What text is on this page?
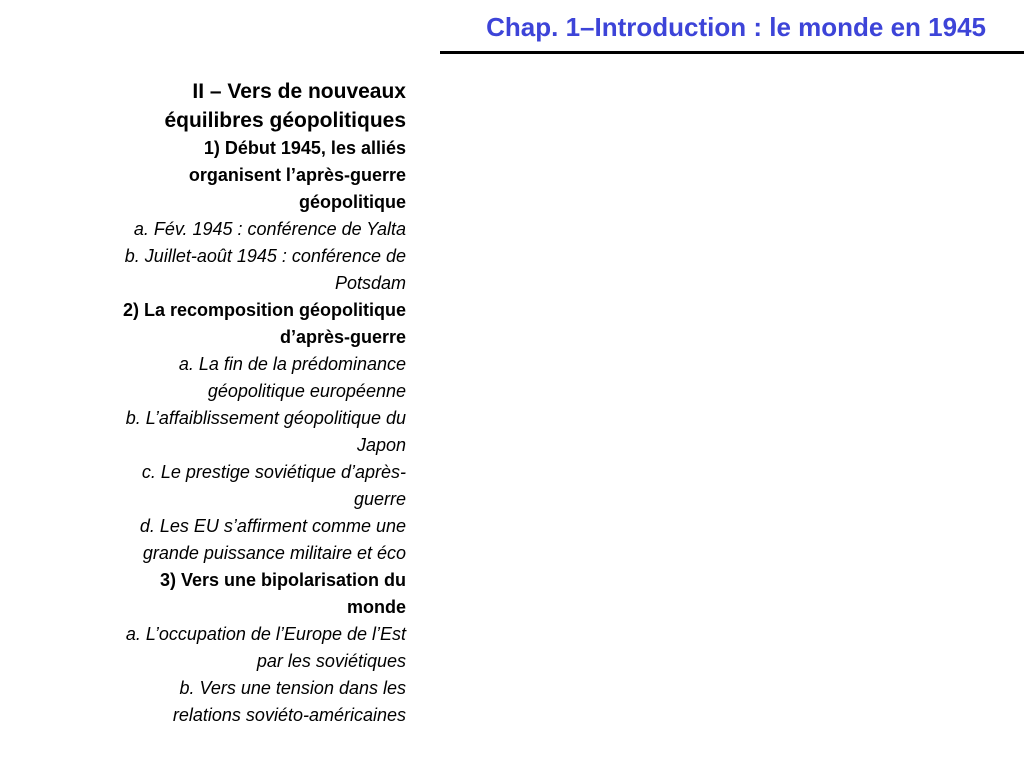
Chap. 1–Introduction : le monde en 1945
II – Vers de nouveaux
équilibres géopolitiques
1) Début 1945, les alliés
organisent l’après-guerre
géopolitique
a. Fév. 1945 : conférence de Yalta
b. Juillet-août 1945 : conférence de
Potsdam
2) La recomposition géopolitique
d’après-guerre
a. La fin de la prédominance
géopolitique européenne
b. L’affaiblissement géopolitique du
Japon
c. Le prestige soviétique d’après-
guerre
d. Les EU s’affirment comme une
grande puissance militaire et éco
3) Vers une bipolarisation du
monde
a. L’occupation de l’Europe de l’Est
par les soviétiques
b. Vers une tension dans les
relations soviéto-américaines
